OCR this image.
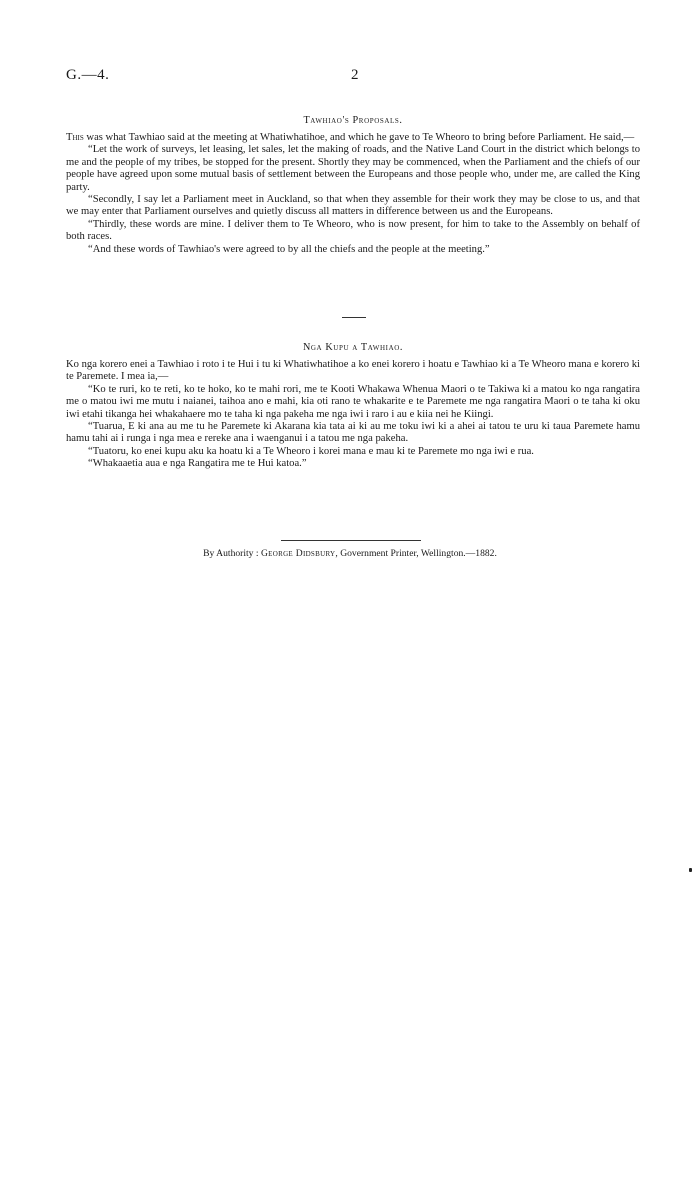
G.—4.	2
Tawhiao's Proposals.

This was what Tawhiao said at the meeting at Whatiwhatihoe, and which he gave to Te Wheoro to bring before Parliament. He said,—

“Let the work of surveys, let leasing, let sales, let the making of roads, and the Native Land Court in the district which belongs to me and the people of my tribes, be stopped for the present. Shortly they may be commenced, when the Parliament and the chiefs of our people have agreed upon some mutual basis of settlement between the Europeans and those people who, under me, are called the King party.

“Secondly, I say let a Parliament meet in Auckland, so that when they assemble for their work they may be close to us, and that we may enter that Parliament ourselves and quietly discuss all matters in difference between us and the Europeans.

“Thirdly, these words are mine. I deliver them to Te Wheoro, who is now present, for him to take to the Assembly on behalf of both races.

“And these words of Tawhiao's were agreed to by all the chiefs and the people at the meeting.”

Nga Kupu a Tawhiao.

Ko nga korero enei a Tawhiao i roto i te Hui i tu ki Whatiwhatihoe a ko enei korero i hoatu e Tawhiao ki a Te Wheoro mana e korero ki te Paremete. I mea ia,—

“Ko te ruri, ko te reti, ko te hoko, ko te mahi rori, me te Kooti Whakawa Whenua Maori o te Takiwa ki a matou ko nga rangatira me o matou iwi me mutu i naianei, taihoa ano e mahi, kia oti rano te whakarite e te Paremete me nga rangatira Maori o te taha ki oku iwi etahi tikanga hei whakahaere mo te taha ki nga pakeha me nga iwi i raro i au e kiia nei he Kiingi.

“Tuarua, E ki ana au me tu he Paremete ki Akarana kia tata ai ki au me toku iwi ki a ahei ai tatou te uru ki taua Paremete hamu hamu tahi ai i runga i nga mea e rereke ana i waenganui i a tatou me nga pakeha.

“Tuatoru, ko enei kupu aku ka hoatu ki a Te Wheoro i korei mana e mau ki te Paremete mo nga iwi e rua.

“Whakaaetia aua e nga Rangatira me te Hui katoa.”

By Authority : George Didsbury, Government Printer, Wellington.—1882.
